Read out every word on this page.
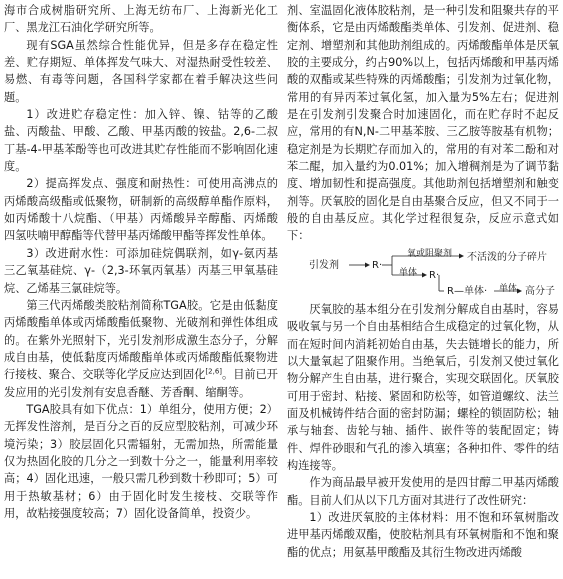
海市合成树脂研究所、上海无纺布厂、上海新光化工厂、黑龙江石油化学研究所等。

现有SGA虽然综合性能优异，但是多存在稳定性差、贮存期短、单体挥发气味大、对湿热耐受性较差、易燃、有毒等问题，各国科学家都在着手解决这些问题。

1）改进贮存稳定性：加入锌、镍、钴等的乙酸盐、丙酸盐、甲酸、乙酸、甲基丙酸的铵盐。2,6-二叔丁基-4-甲基苯酚等也可改进其贮存性能而不影响固化速度。

2）提高挥发点、强度和耐热性：可使用高沸点的丙烯酸高级酯或低聚物，研制新的高级醇单酯作原料，如丙烯酸十八烷酯、（甲基）丙烯酸异辛醇酯、丙烯酸四氢呋喃甲醇酯等代替甲基丙烯酸甲酯等挥发性单体。

3）改进耐水性：可添加硅烷偶联剂，如γ-氨丙基三乙氧基硅烷、γ-（2,3-环氧丙氧基）丙基三甲氧基硅烷、乙烯基三氯硅烷等。

第三代丙烯酸类胶粘剂简称TGA胶。它是由低黏度丙烯酸酯单体或丙烯酸酯低聚物、光破剂和弹性体组成的。在紫外光照射下，光引发剂形成激生态分子，分解成自由基，使低黏度丙烯酸酯单体或丙烯酸酯低聚物进行接枝、聚合、交联等化学反应达到固化[2,6]。目前已开发应用的光引发剂有安息香醚、芳香酮、缩酮等。

TGA胶具有如下优点：1）单组分，使用方便；2）无挥发性溶剂，是百分之百的反应型胶粘剂，可减少环境污染；3）胶层固化只需辐射，无需加热，所需能量仅为热固化胶的几分之一到数十分之一，能量利用率较高；4）固化迅速，一般只需几秒到数十秒即可；5）可用于热敏基材；6）由于固化时发生接枝、交联等作用，故粘接强度较高；7）固化设备简单，投资少。

剂、室温固化液体胶粘剂，是一种引发和阻聚共存的平衡体系，它是由丙烯酸酯类单体、引发剂、促进剂、稳定剂、增塑剂和其他助剂组成的。丙烯酸酯单体是厌氧胶的主要成分，约占90%以上，包括丙烯酸和甲基丙烯酸的双酯或某些特殊的丙烯酸酯；引发剂为过氧化物，常用的有异丙苯过氧化氢，加入量为5%左右；促进剂是在引发剂引发聚合时加速固化，而在贮存时不起反应，常用的有N,N-二甲基苯胺、三乙胺等胺基有机物；稳定剂是为长期贮存而加入的，常用的有对苯二酚和对苯二醌，加入量约为0.01%；加入增稠剂是为了调节黏度、增加韧性和提高强度。其他助剂包括增塑剂和触变剂等。厌氧胶的固化是自由基聚合反应，但又不同于一般的自由基反应。其化学过程很复杂，反应示意式如下：

引发剂	R·
氧或阻聚剂 不活泼的分子碎片
单体 R·
R—单体· 单体 高分子

厌氧胶的基本组分在引发剂分解成自由基时，容易吸收氧与另一个自由基相结合生成稳定的过氧化物，从而在短时间内消耗初始自由基，失去链增长的能力，所以大量氧起了阻聚作用。当绝氧后，引发剂又使过氧化物分解产生自由基，进行聚合，实现交联固化。厌氧胶可用于密封、粘接、紧固和防松等，如管道螺纹、法兰面及机械铸件结合面的密封防漏；螺栓的锁固防松；轴承与轴套、齿轮与轴、插件、嵌件等的装配固定；铸件、焊件砂眼和气孔的渗入填塞；各种扣件、零件的结构连接等。

作为商品最早被开发使用的是四甘醇二甲基丙烯酸酯。目前人们从以下几方面对其进行了改性研究：

1）改进厌氧胶的主体材料：用不饱和环氧树脂改进甲基丙烯酸双酯，使胶粘剂具有环氧树脂和不饱和聚酯的优点；用氨基甲酸酯及其衍生物改进丙烯酸
